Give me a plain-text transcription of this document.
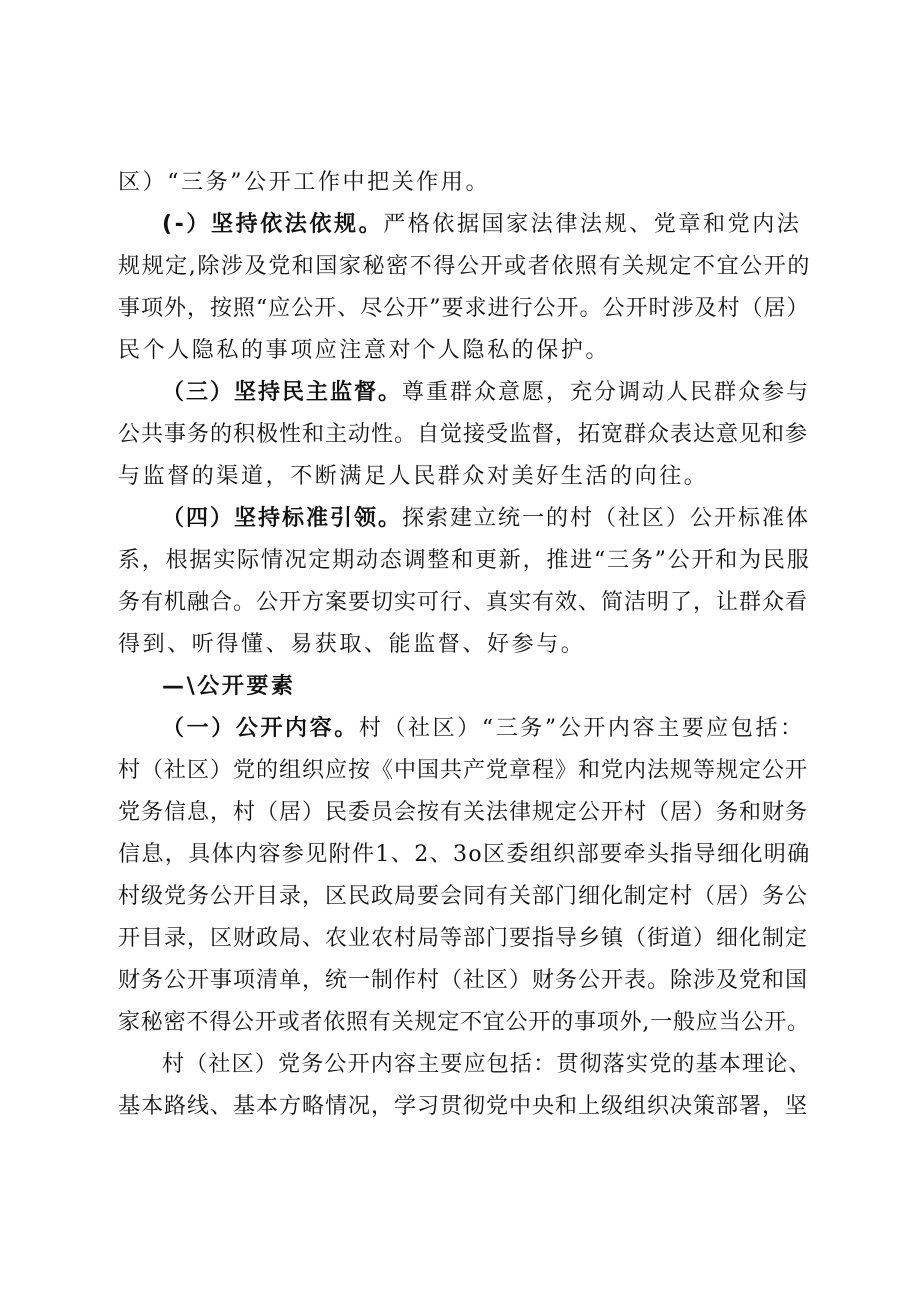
区）“三务”公开工作中把关作用。
(-）坚持依法依规。严格依据国家法律法规、党章和党内法
规规定,除涉及党和国家秘密不得公开或者依照有关规定不宜公开的
事项外，按照“应公开、尽公开”要求进行公开。公开时涉及村（居）
民个人隐私的事项应注意对个人隐私的保护。
（三）坚持民主监督。尊重群众意愿，充分调动人民群众参与
公共事务的积极性和主动性。自觉接受监督，拓宽群众表达意见和参
与监督的渠道，不断满足人民群众对美好生活的向往。
（四）坚持标准引领。探索建立统一的村（社区）公开标准体
系，根据实际情况定期动态调整和更新，推进“三务”公开和为民服
务有机融合。公开方案要切实可行、真实有效、简洁明了，让群众看
得到、听得懂、易获取、能监督、好参与。
—\公开要素
（一）公开内容。村（社区）“三务”公开内容主要应包括：
村（社区）党的组织应按《中国共产党章程》和党内法规等规定公开
党务信息，村（居）民委员会按有关法律规定公开村（居）务和财务
信息，具体内容参见附件1、2、3o区委组织部要牵头指导细化明确
村级党务公开目录，区民政局要会同有关部门细化制定村（居）务公
开目录，区财政局、农业农村局等部门要指导乡镇（街道）细化制定
财务公开事项清单，统一制作村（社区）财务公开表。除涉及党和国
家秘密不得公开或者依照有关规定不宜公开的事项外,一般应当公开。
村（社区）党务公开内容主要应包括：贯彻落实党的基本理论、
基本路线、基本方略情况，学习贯彻党中央和上级组织决策部署，坚
